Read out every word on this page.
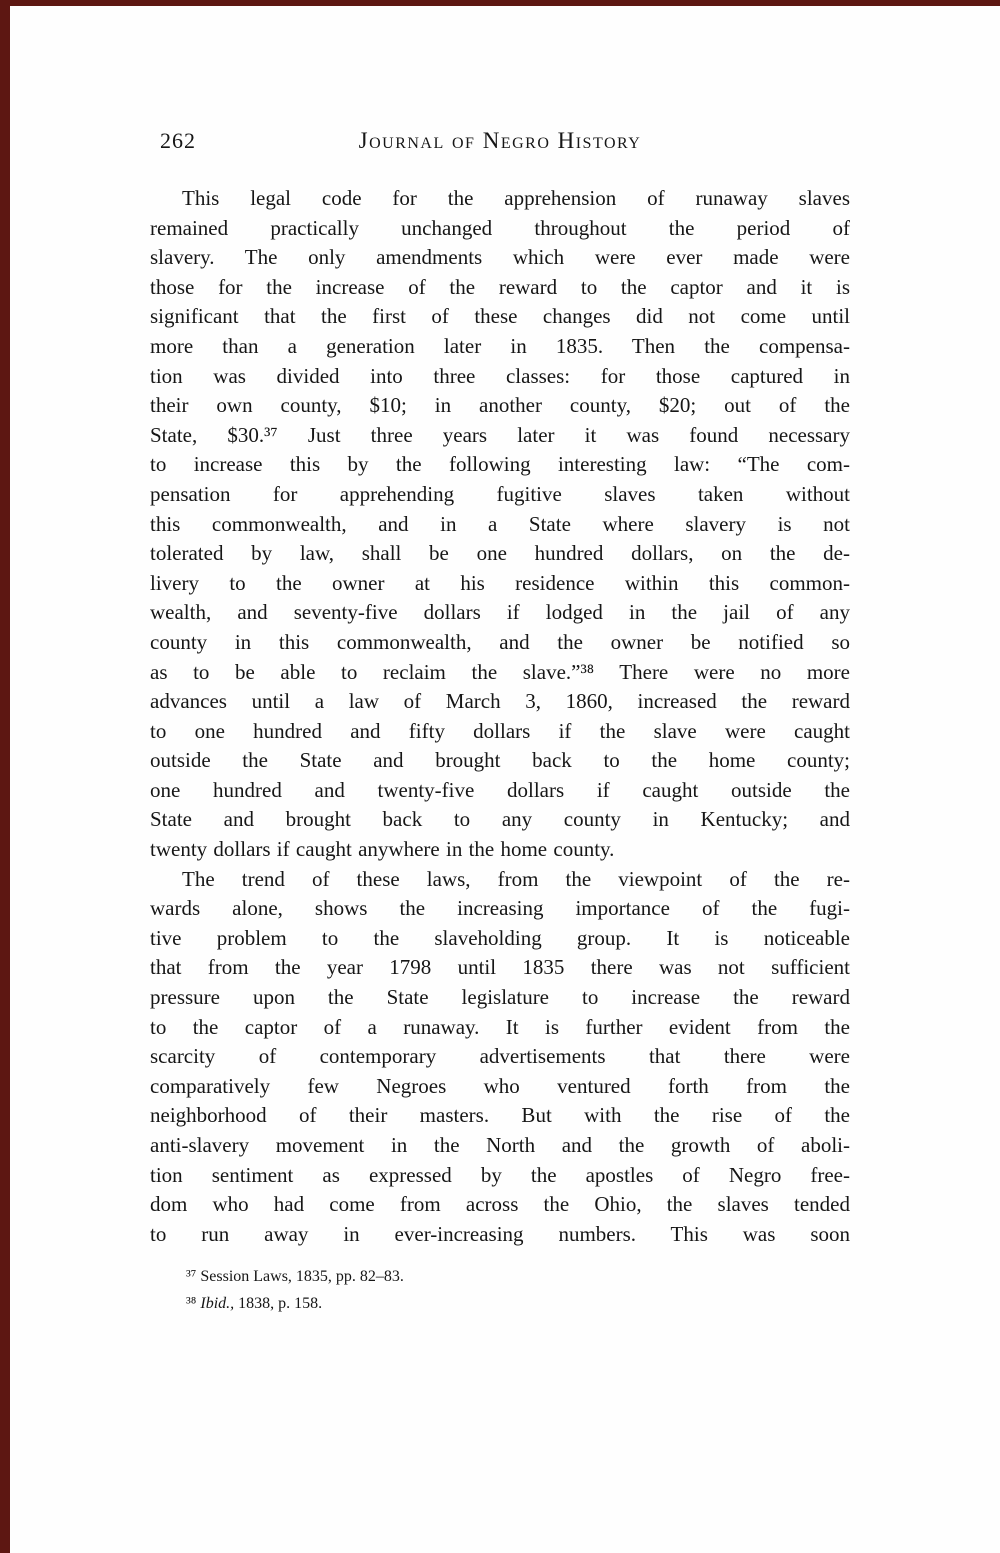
262	Journal of Negro History
This legal code for the apprehension of runaway slaves
remained practically unchanged throughout the period of
slavery. The only amendments which were ever made were
those for the increase of the reward to the captor and it is
significant that the first of these changes did not come until
more than a generation later in 1835. Then the compensa-
tion was divided into three classes: for those captured in
their own county, $10; in another county, $20; out of the
State, $30.³⁷ Just three years later it was found necessary
to increase this by the following interesting law: “The com-
pensation for apprehending fugitive slaves taken without
this commonwealth, and in a State where slavery is not
tolerated by law, shall be one hundred dollars, on the de-
livery to the owner at his residence within this common-
wealth, and seventy-five dollars if lodged in the jail of any
county in this commonwealth, and the owner be notified so
as to be able to reclaim the slave.”³⁸ There were no more
advances until a law of March 3, 1860, increased the reward
to one hundred and fifty dollars if the slave were caught
outside the State and brought back to the home county;
one hundred and twenty-five dollars if caught outside the
State and brought back to any county in Kentucky; and
twenty dollars if caught anywhere in the home county.
The trend of these laws, from the viewpoint of the re-
wards alone, shows the increasing importance of the fugi-
tive problem to the slaveholding group. It is noticeable
that from the year 1798 until 1835 there was not sufficient
pressure upon the State legislature to increase the reward
to the captor of a runaway. It is further evident from the
scarcity of contemporary advertisements that there were
comparatively few Negroes who ventured forth from the
neighborhood of their masters. But with the rise of the
anti-slavery movement in the North and the growth of aboli-
tion sentiment as expressed by the apostles of Negro free-
dom who had come from across the Ohio, the slaves tended
to run away in ever-increasing numbers. This was soon
³⁷ Session Laws, 1835, pp. 82–83.
³⁸ Ibid., 1838, p. 158.
